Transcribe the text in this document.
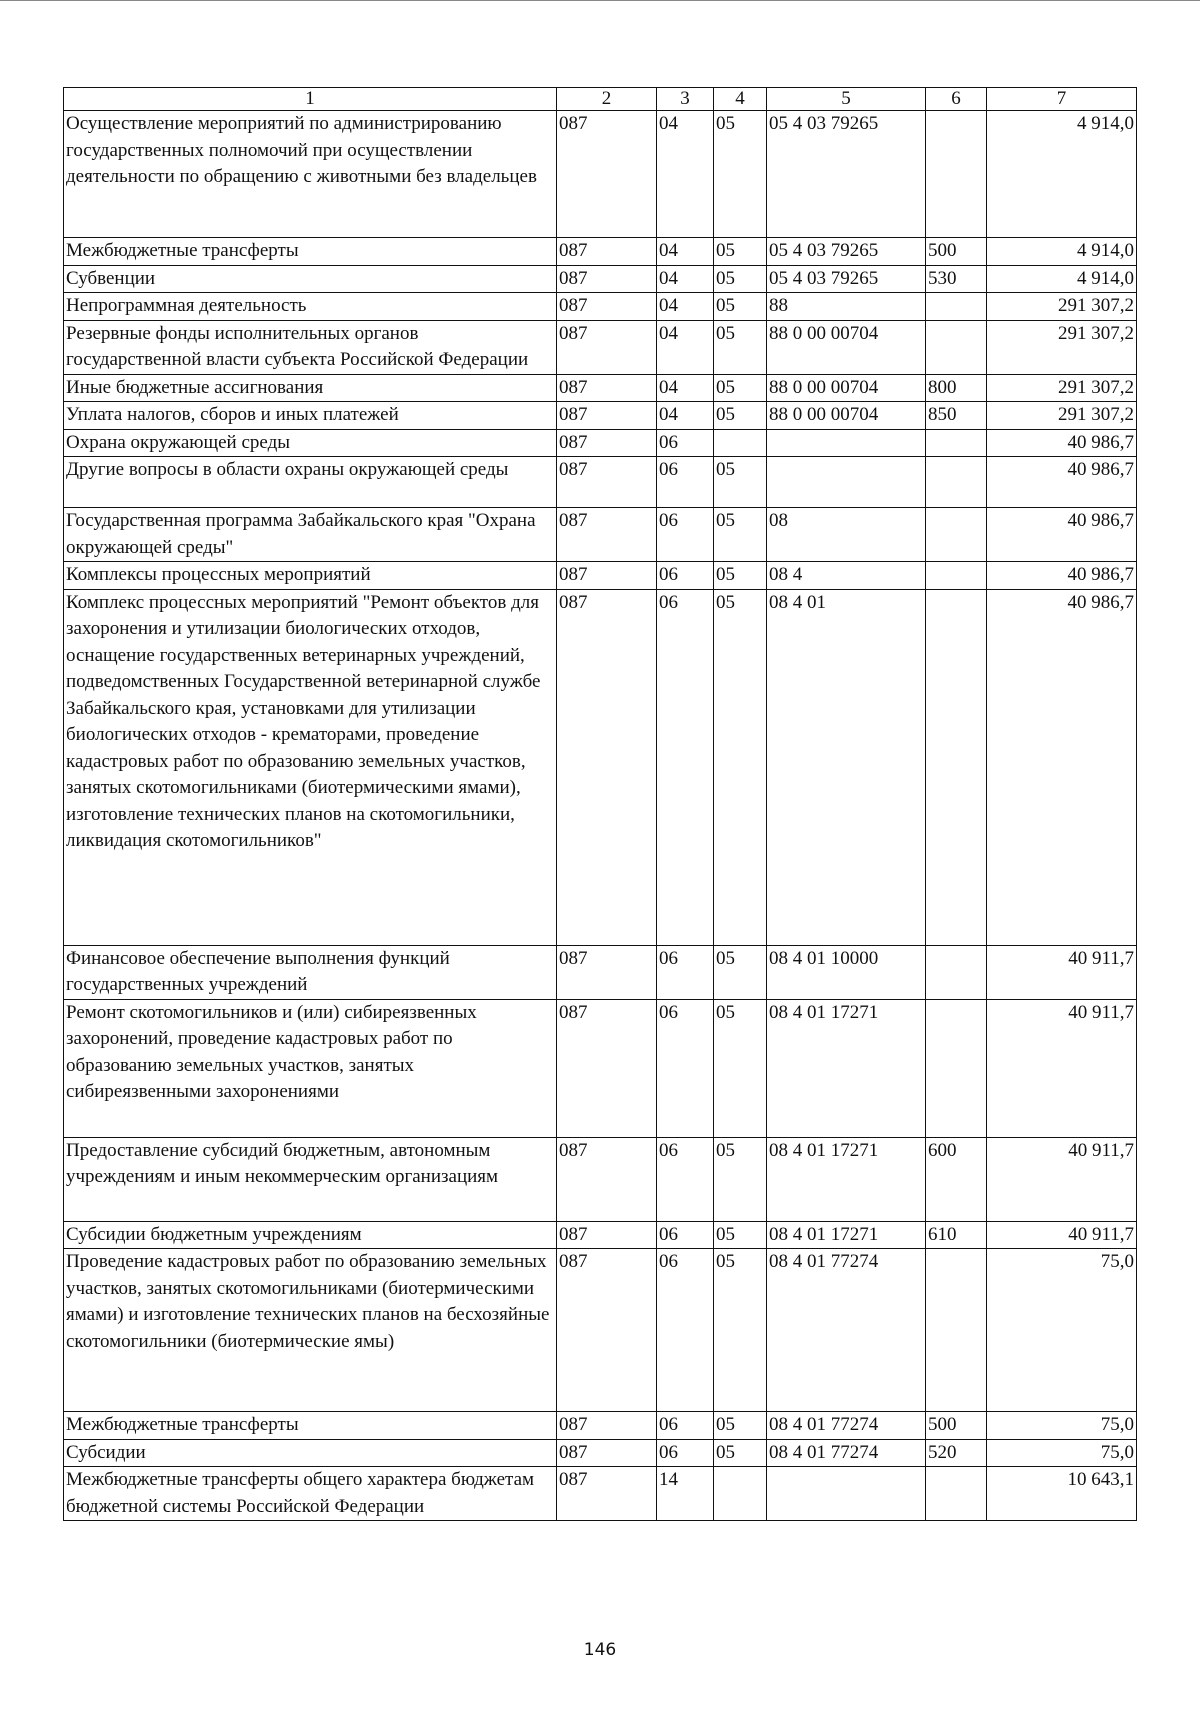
1	2	3	4	5	6	7
Осуществление мероприятий по администрированию государственных полномочий при осуществлении деятельности по обращению с животными без владельцев	087	04	05	05 4 03 79265		4 914,0
Межбюджетные трансферты	087	04	05	05 4 03 79265	500	4 914,0
Субвенции	087	04	05	05 4 03 79265	530	4 914,0
Непрограммная деятельность	087	04	05	88		291 307,2
Резервные фонды исполнительных органов государственной власти субъекта Российской Федерации	087	04	05	88 0 00 00704		291 307,2
Иные бюджетные ассигнования	087	04	05	88 0 00 00704	800	291 307,2
Уплата налогов, сборов и иных платежей	087	04	05	88 0 00 00704	850	291 307,2
Охрана окружающей среды	087	06				40 986,7
Другие вопросы в области охраны окружающей среды	087	06	05			40 986,7
Государственная программа Забайкальского края "Охрана окружающей среды"	087	06	05	08		40 986,7
Комплексы процессных мероприятий	087	06	05	08 4		40 986,7
Комплекс процессных мероприятий "Ремонт объектов для захоронения и утилизации биологических отходов, оснащение государственных ветеринарных учреждений, подведомственных Государственной ветеринарной службе Забайкальского края, установками для утилизации биологических отходов - крематорами, проведение кадастровых работ по образованию земельных участков, занятых скотомогильниками (биотермическими ямами), изготовление технических планов на скотомогильники, ликвидация скотомогильников"	087	06	05	08 4 01		40 986,7
Финансовое обеспечение выполнения функций государственных учреждений	087	06	05	08 4 01 10000		40 911,7
Ремонт скотомогильников и (или) сибиреязвенных захоронений, проведение кадастровых работ по образованию земельных участков, занятых сибиреязвенными захоронениями	087	06	05	08 4 01 17271		40 911,7
Предоставление субсидий бюджетным, автономным учреждениям и иным некоммерческим организациям	087	06	05	08 4 01 17271	600	40 911,7
Субсидии бюджетным учреждениям	087	06	05	08 4 01 17271	610	40 911,7
Проведение кадастровых работ по образованию земельных участков, занятых скотомогильниками (биотермическими ямами) и изготовление технических планов на бесхозяйные скотомогильники (биотермические ямы)	087	06	05	08 4 01 77274		75,0
Межбюджетные трансферты	087	06	05	08 4 01 77274	500	75,0
Субсидии	087	06	05	08 4 01 77274	520	75,0
Межбюджетные трансферты общего характера бюджетам бюджетной системы Российской Федерации	087	14				10 643,1
146
